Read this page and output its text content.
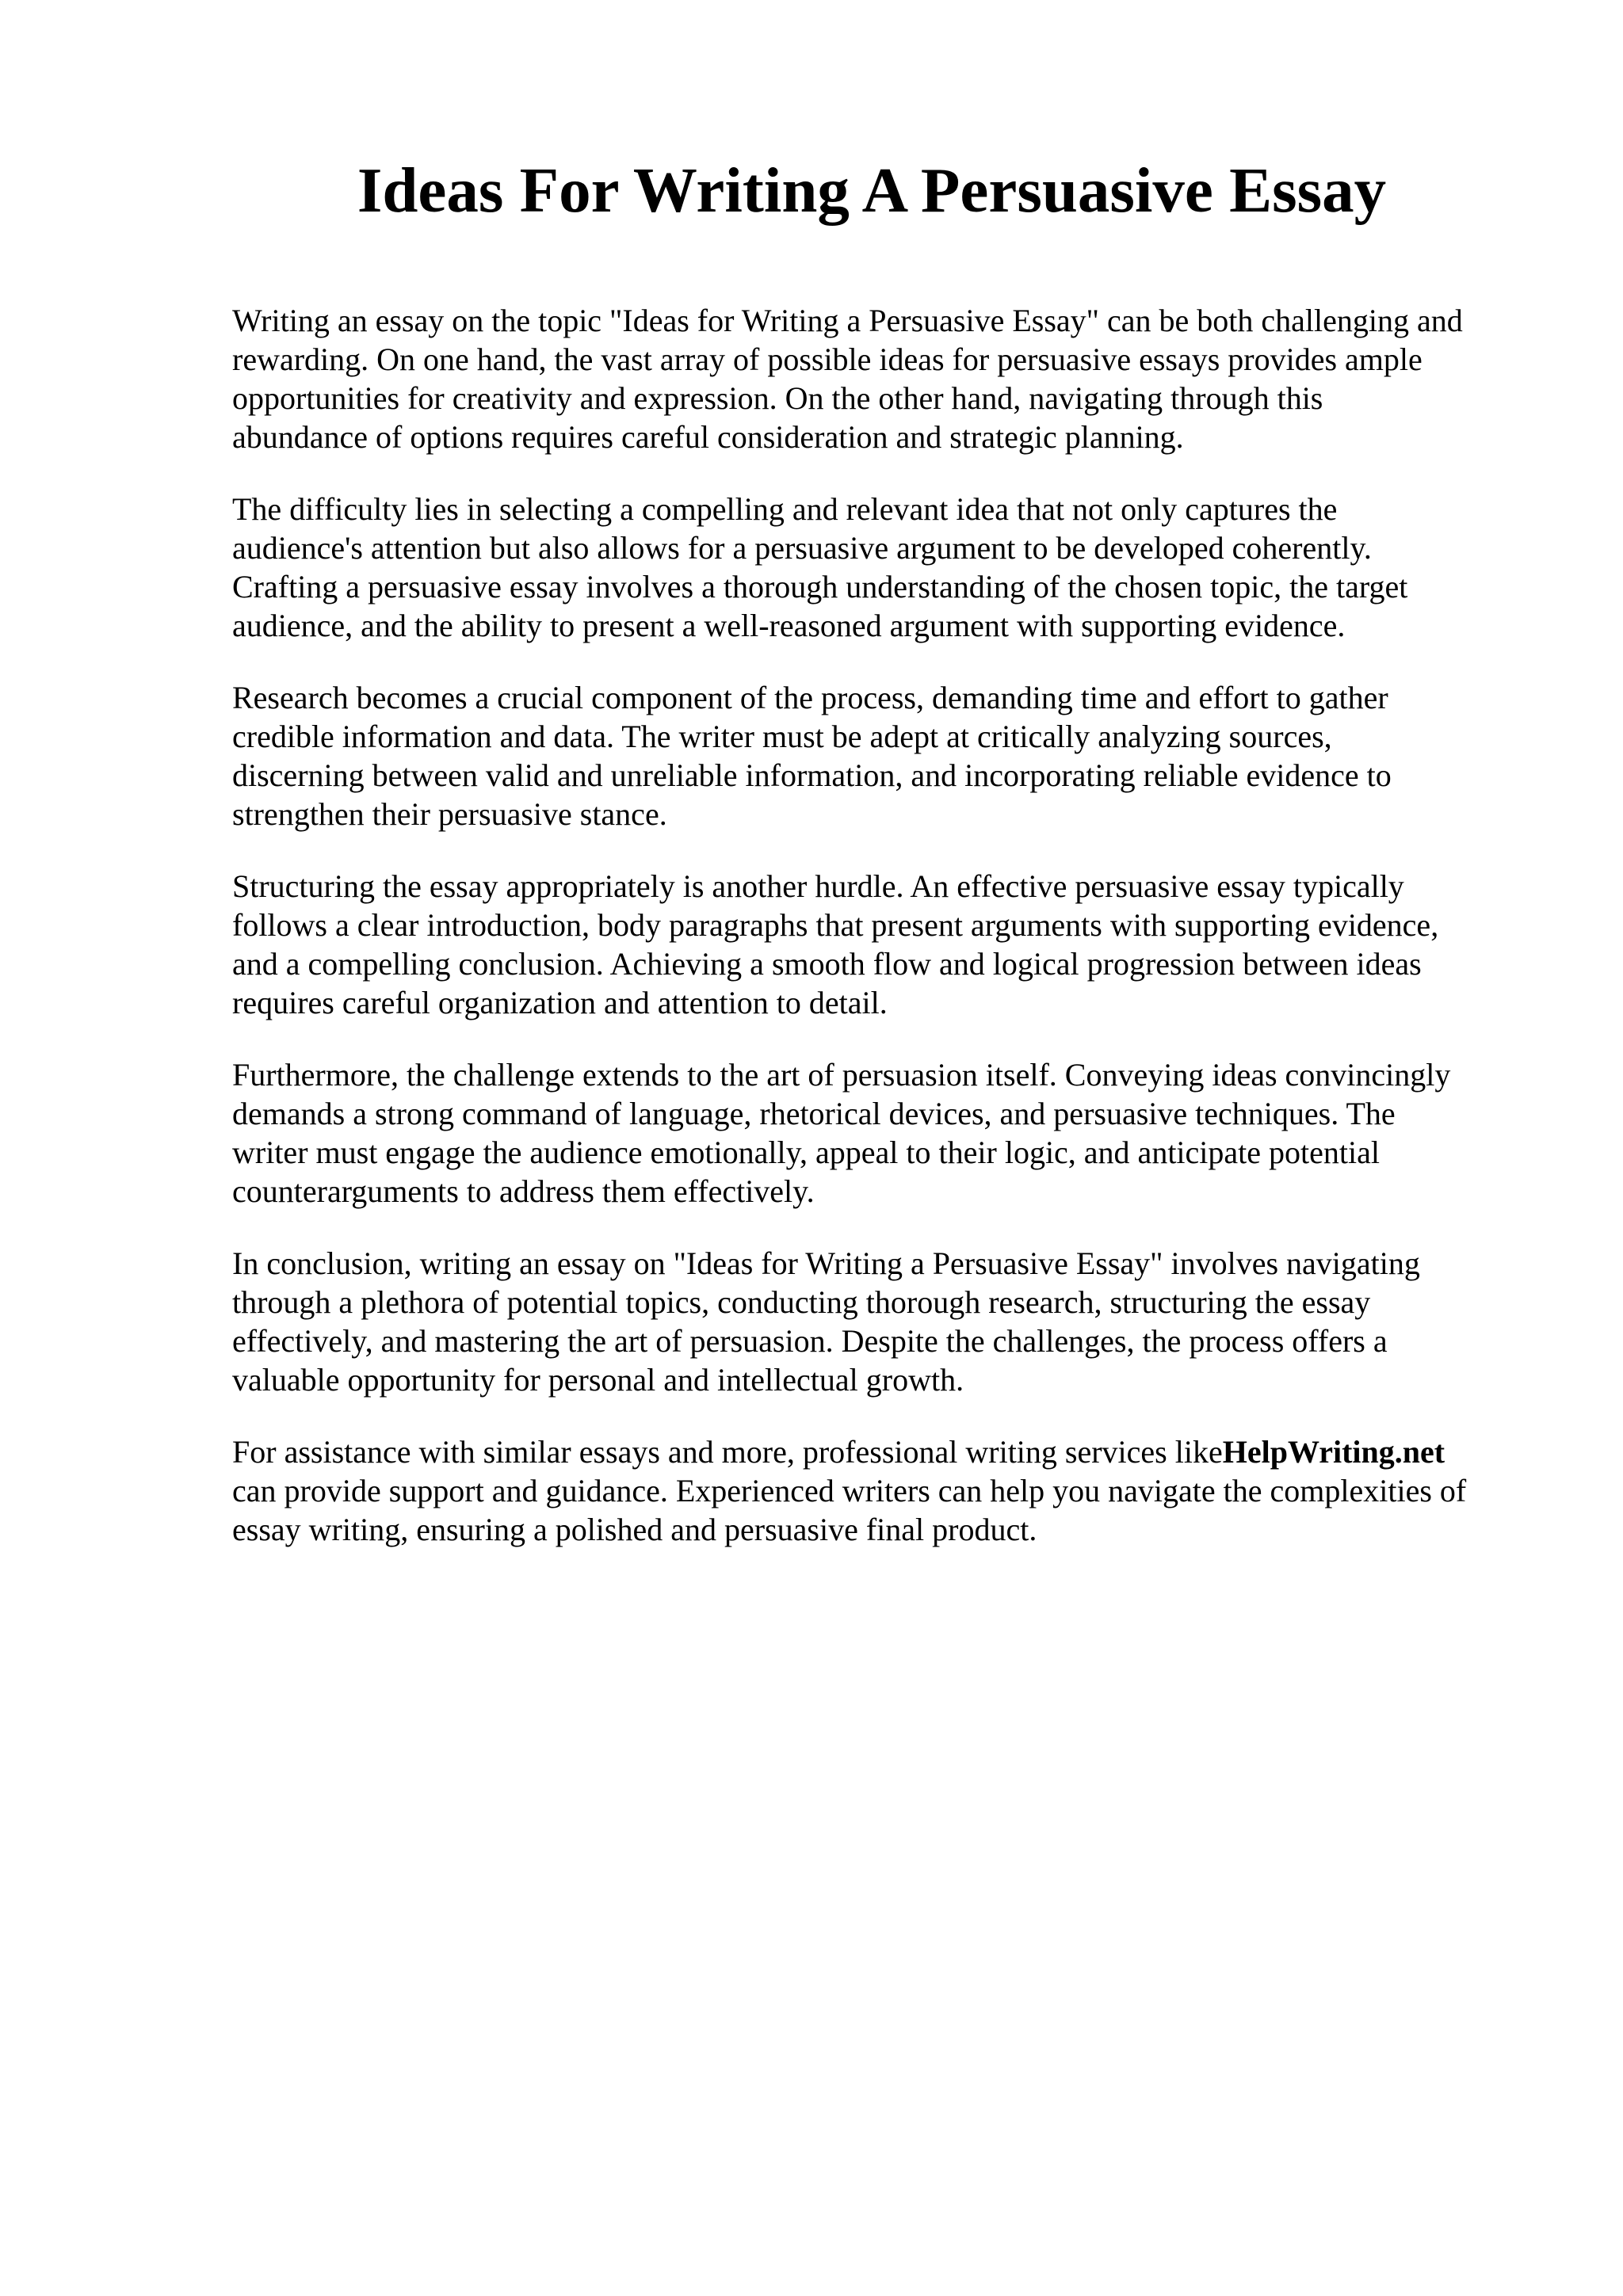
Ideas For Writing A Persuasive Essay

Writing an essay on the topic "Ideas for Writing a Persuasive Essay" can be both challenging and
rewarding. On one hand, the vast array of possible ideas for persuasive essays provides ample
opportunities for creativity and expression. On the other hand, navigating through this
abundance of options requires careful consideration and strategic planning.

The difficulty lies in selecting a compelling and relevant idea that not only captures the
audience's attention but also allows for a persuasive argument to be developed coherently.
Crafting a persuasive essay involves a thorough understanding of the chosen topic, the target
audience, and the ability to present a well-reasoned argument with supporting evidence.

Research becomes a crucial component of the process, demanding time and effort to gather
credible information and data. The writer must be adept at critically analyzing sources,
discerning between valid and unreliable information, and incorporating reliable evidence to
strengthen their persuasive stance.

Structuring the essay appropriately is another hurdle. An effective persuasive essay typically
follows a clear introduction, body paragraphs that present arguments with supporting evidence,
and a compelling conclusion. Achieving a smooth flow and logical progression between ideas
requires careful organization and attention to detail.

Furthermore, the challenge extends to the art of persuasion itself. Conveying ideas convincingly
demands a strong command of language, rhetorical devices, and persuasive techniques. The
writer must engage the audience emotionally, appeal to their logic, and anticipate potential
counterarguments to address them effectively.

In conclusion, writing an essay on "Ideas for Writing a Persuasive Essay" involves navigating
through a plethora of potential topics, conducting thorough research, structuring the essay
effectively, and mastering the art of persuasion. Despite the challenges, the process offers a
valuable opportunity for personal and intellectual growth.

For assistance with similar essays and more, professional writing services likeHelpWriting.net
can provide support and guidance. Experienced writers can help you navigate the complexities of
essay writing, ensuring a polished and persuasive final product.
